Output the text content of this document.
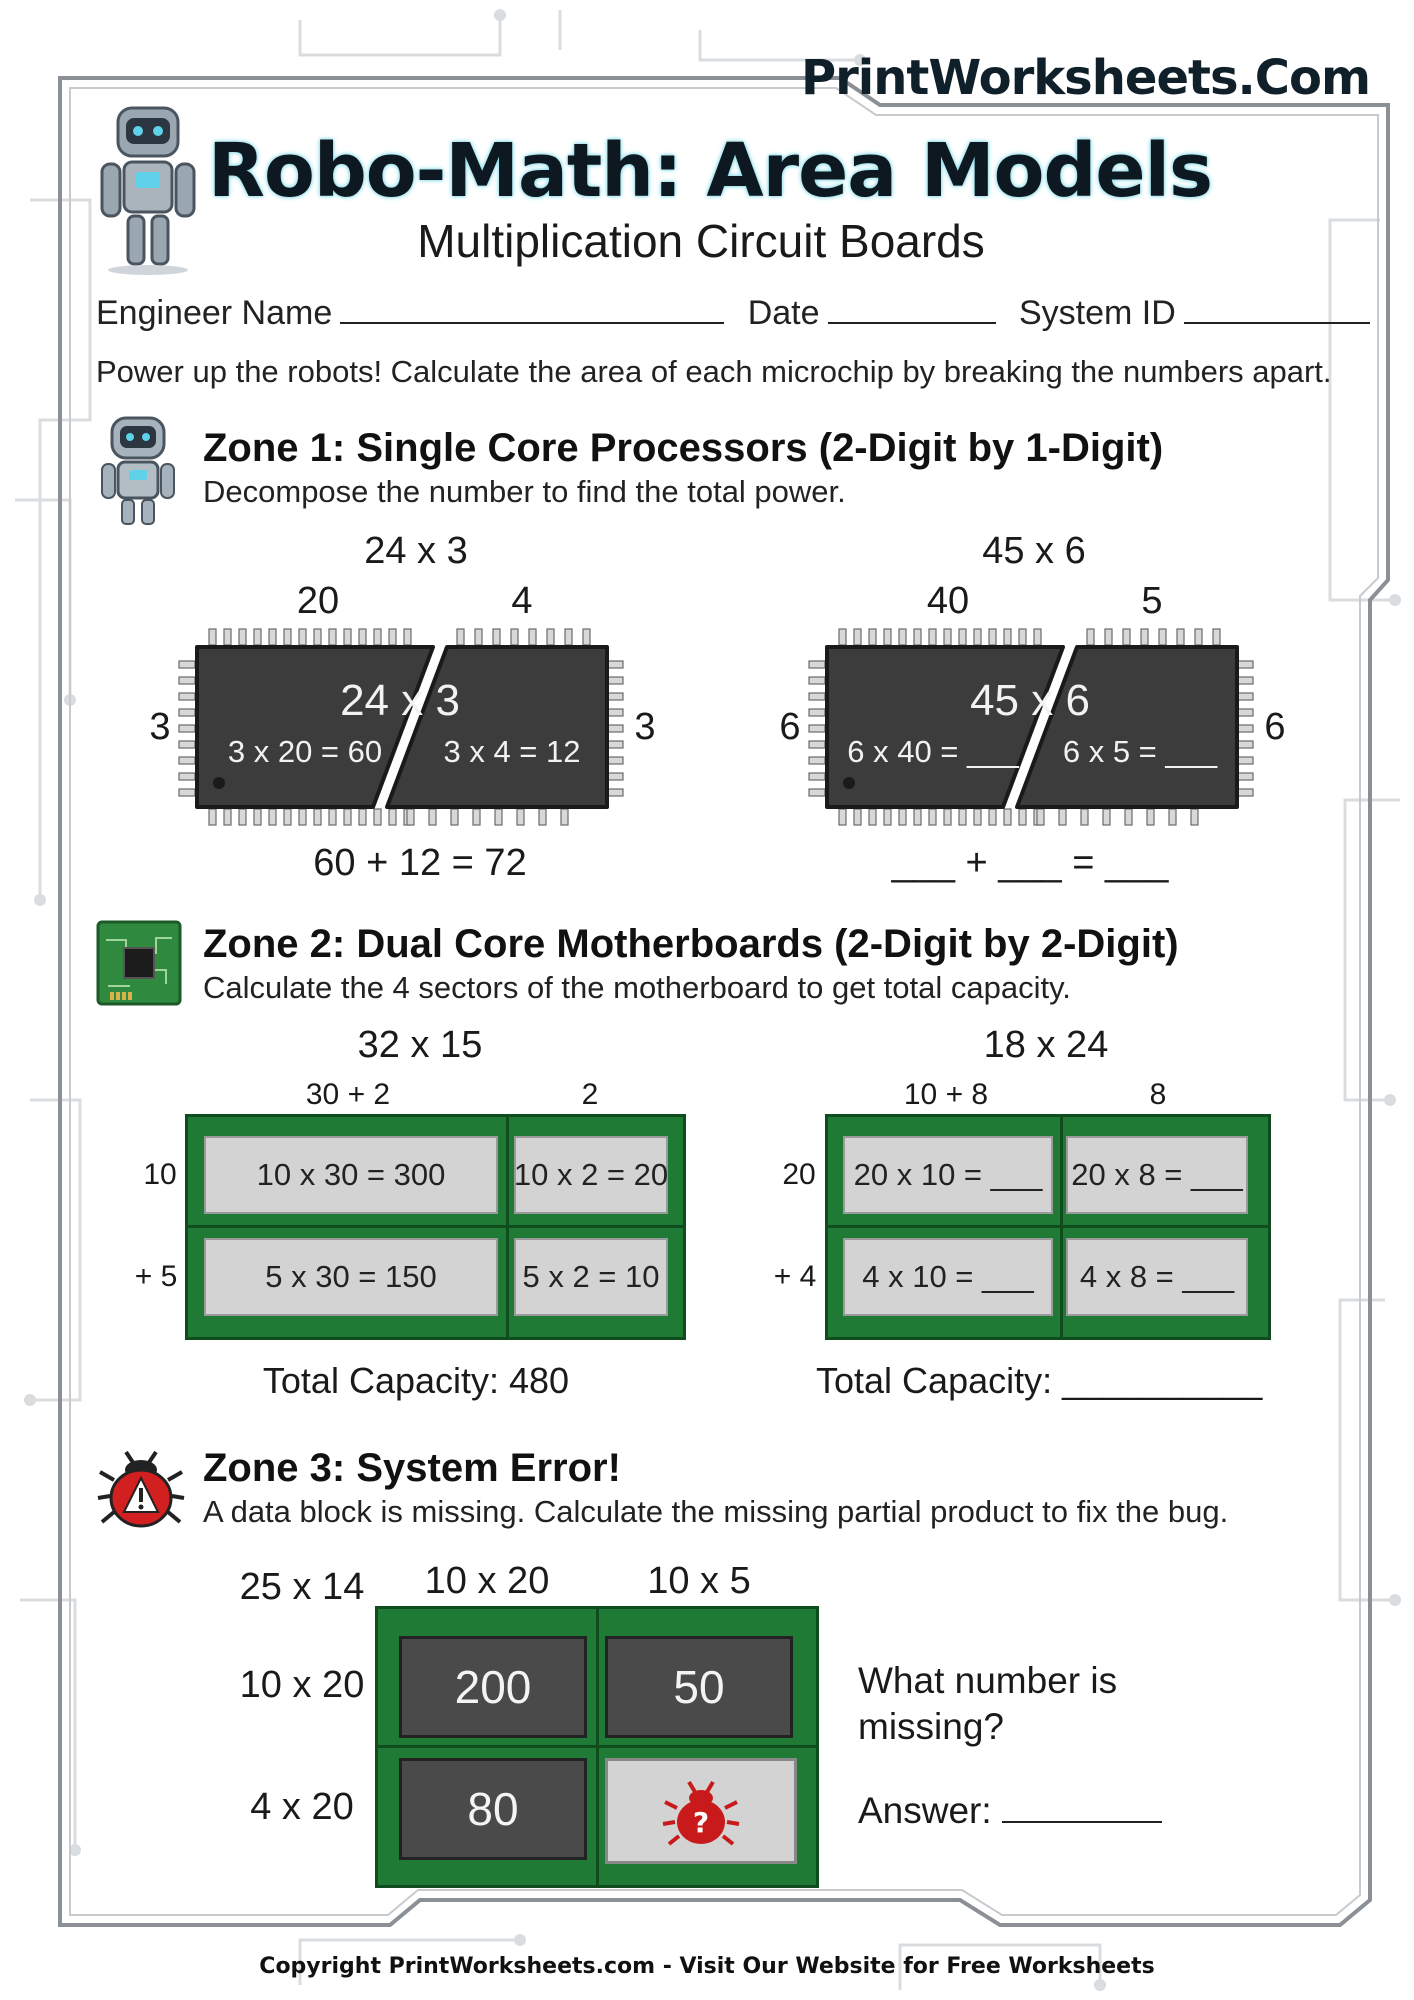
PrintWorksheets.Com
Robo-Math: Area Models
Multiplication Circuit Boards
Engineer Name	Date	System ID
Power up the robots! Calculate the area of each microchip by breaking the numbers apart.
Zone 1: Single Core Processors (2-Digit by 1-Digit)
Decompose the number to find the total power.
24 x 3
20	4
3	3
24 x 3
3 x 20 = 60	3 x 4 = 12
60 + 12 = 72
45 x 6
40	5
6	6
45 x 6
6 x 40 = ___ 6 x 5 = ___
___ + ___ = ___
Zone 2: Dual Core Motherboards (2-Digit by 2-Digit)
Calculate the 4 sectors of the motherboard to get total capacity.
32 x 15
30 + 2	2
10
+ 5
10 x 30 = 300	10 x 2 = 20
5 x 30 = 150	5 x 2 = 10
Total Capacity: 480
18 x 24
10 + 8	8
20
+ 4
20 x 10 = ___ 20 x 8 = ___
4 x 10 = ___	4 x 8 = ___
Total Capacity: __________
Zone 3: System Error!
A data block is missing. Calculate the missing partial product to fix the bug.
25 x 14	10 x 20	10 x 5
10 x 20
4 x 20
200	50
80	?
What number is missing?
Answer:
Copyright PrintWorksheets.com - Visit Our Website for Free Worksheets
